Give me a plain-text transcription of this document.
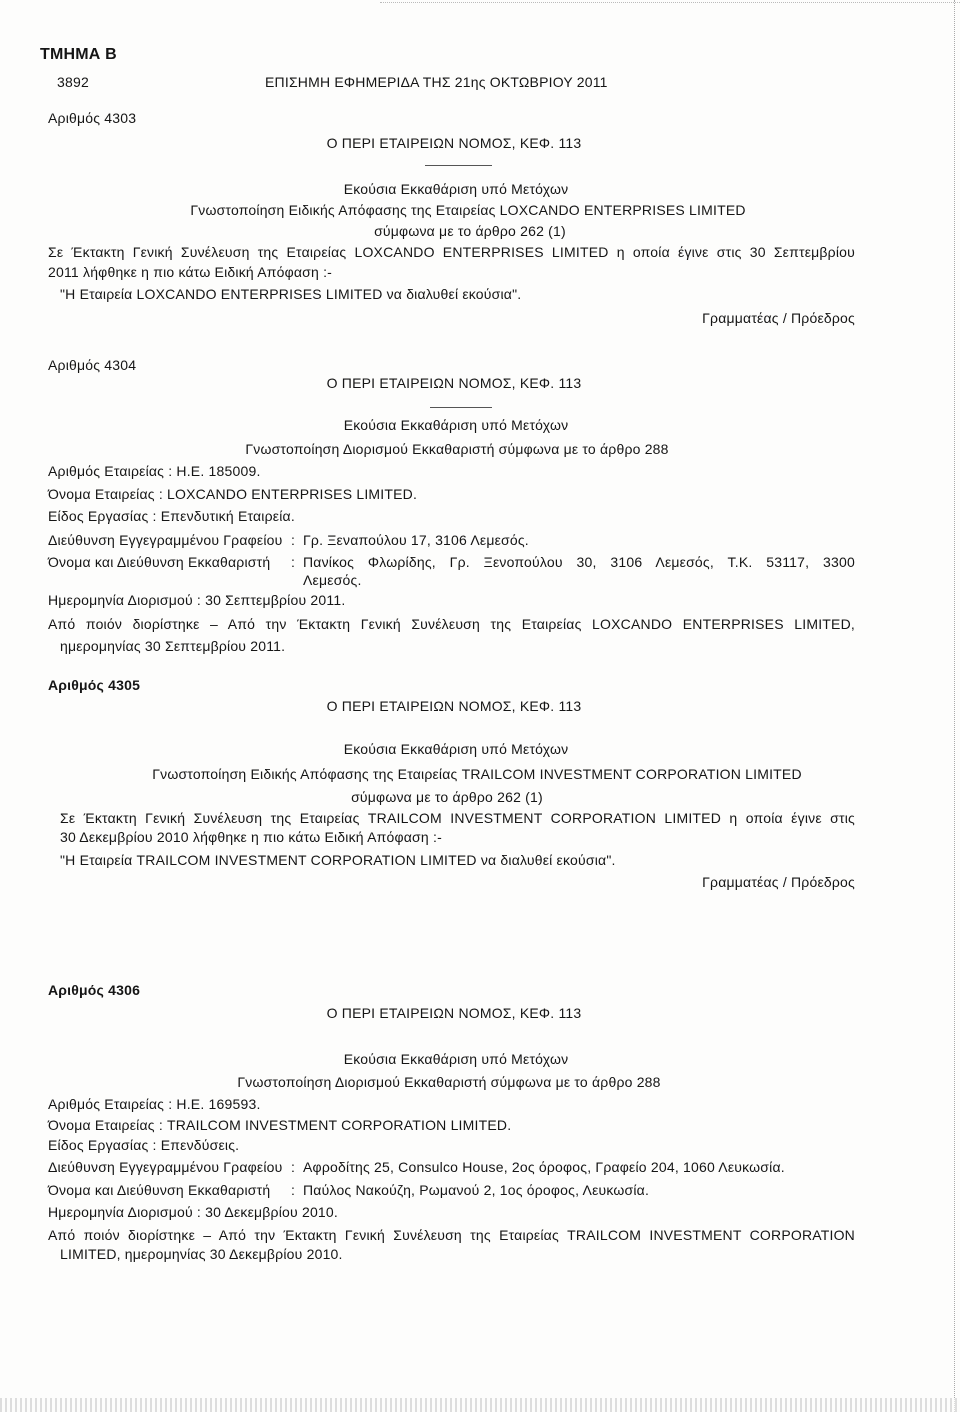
ΤΜΗΜΑ Β
3892	ΕΠΙΣΗΜΗ ΕΦΗΜΕΡΙΔΑ ΤΗΣ 21ης ΟΚΤΩΒΡΙΟΥ 2011
Αριθμός 4303
Ο ΠΕΡΙ ΕΤΑΙΡΕΙΩΝ ΝΟΜΟΣ, ΚΕΦ. 113
Εκούσια Εκκαθάριση υπό Μετόχων
Γνωστοποίηση Ειδικής Απόφασης της Εταιρείας LOXCANDO ENTERPRISES LIMITED
σύμφωνα με το άρθρο 262 (1)
Σε Έκτακτη Γενική Συνέλευση της Εταιρείας LOXCANDO ENTERPRISES LIMITED η οποία έγινε στις 30 Σεπτεμβρίου
2011 λήφθηκε η πιο κάτω Ειδική Απόφαση :-
"Η Εταιρεία LOXCANDO ENTERPRISES LIMITED να διαλυθεί εκούσια".
Γραμματέας / Πρόεδρος
Αριθμός 4304
Ο ΠΕΡΙ ΕΤΑΙΡΕΙΩΝ ΝΟΜΟΣ, ΚΕΦ. 113
Εκούσια Εκκαθάριση υπό Μετόχων
Γνωστοποίηση Διορισμού Εκκαθαριστή σύμφωνα με το άρθρο 288
Αριθμός Εταιρείας : Η.Ε. 185009.
Όνομα Εταιρείας : LOXCANDO ENTERPRISES LIMITED.
Είδος Εργασίας : Επενδυτική Εταιρεία.
Διεύθυνση Εγγεγραμμένου Γραφείου : Γρ. Ξεναπούλου 17, 3106 Λεμεσός.
Όνομα και Διεύθυνση Εκκαθαριστή : Πανίκος Φλωρίδης, Γρ. Ξενοπούλου 30, 3106 Λεμεσός, Τ.Κ. 53117, 3300
Λεμεσός.
Ημερομηνία Διορισμού : 30 Σεπτεμβρίου 2011.
Από ποιόν διορίστηκε – Από την Έκτακτη Γενική Συνέλευση της Εταιρείας LOXCANDO ENTERPRISES LIMITED,
ημερομηνίας 30 Σεπτεμβρίου 2011.
Αριθμός 4305
Ο ΠΕΡΙ ΕΤΑΙΡΕΙΩΝ ΝΟΜΟΣ, ΚΕΦ. 113
Εκούσια Εκκαθάριση υπό Μετόχων
Γνωστοποίηση Ειδικής Απόφασης της Εταιρείας TRAILCOM INVESTMENT CORPORATION LIMITED
σύμφωνα με το άρθρο 262 (1)
Σε Έκτακτη Γενική Συνέλευση της Εταιρείας TRAILCOM INVESTMENT CORPORATION LIMITED η οποία έγινε στις
30 Δεκεμβρίου 2010 λήφθηκε η πιο κάτω Ειδική Απόφαση :-
"Η Εταιρεία TRAILCOM INVESTMENT CORPORATION LIMITED να διαλυθεί εκούσια".
Γραμματέας / Πρόεδρος
Αριθμός 4306
Ο ΠΕΡΙ ΕΤΑΙΡΕΙΩΝ ΝΟΜΟΣ, ΚΕΦ. 113
Εκούσια Εκκαθάριση υπό Μετόχων
Γνωστοποίηση Διορισμού Εκκαθαριστή σύμφωνα με το άρθρο 288
Αριθμός Εταιρείας : Η.Ε. 169593.
Όνομα Εταιρείας : TRAILCOM INVESTMENT CORPORATION LIMITED.
Είδος Εργασίας : Επενδύσεις.
Διεύθυνση Εγγεγραμμένου Γραφείου : Αφροδίτης 25, Consulco House, 2ος όροφος, Γραφείο 204, 1060 Λευκωσία.
Όνομα και Διεύθυνση Εκκαθαριστή : Παύλος Νακούζη, Ρωμανού 2, 1ος όροφος, Λευκωσία.
Ημερομηνία Διορισμού : 30 Δεκεμβρίου 2010.
Από ποιόν διορίστηκε – Από την Έκτακτη Γενική Συνέλευση της Εταιρείας TRAILCOM INVESTMENT CORPORATION
LIMITED, ημερομηνίας 30 Δεκεμβρίου 2010.
